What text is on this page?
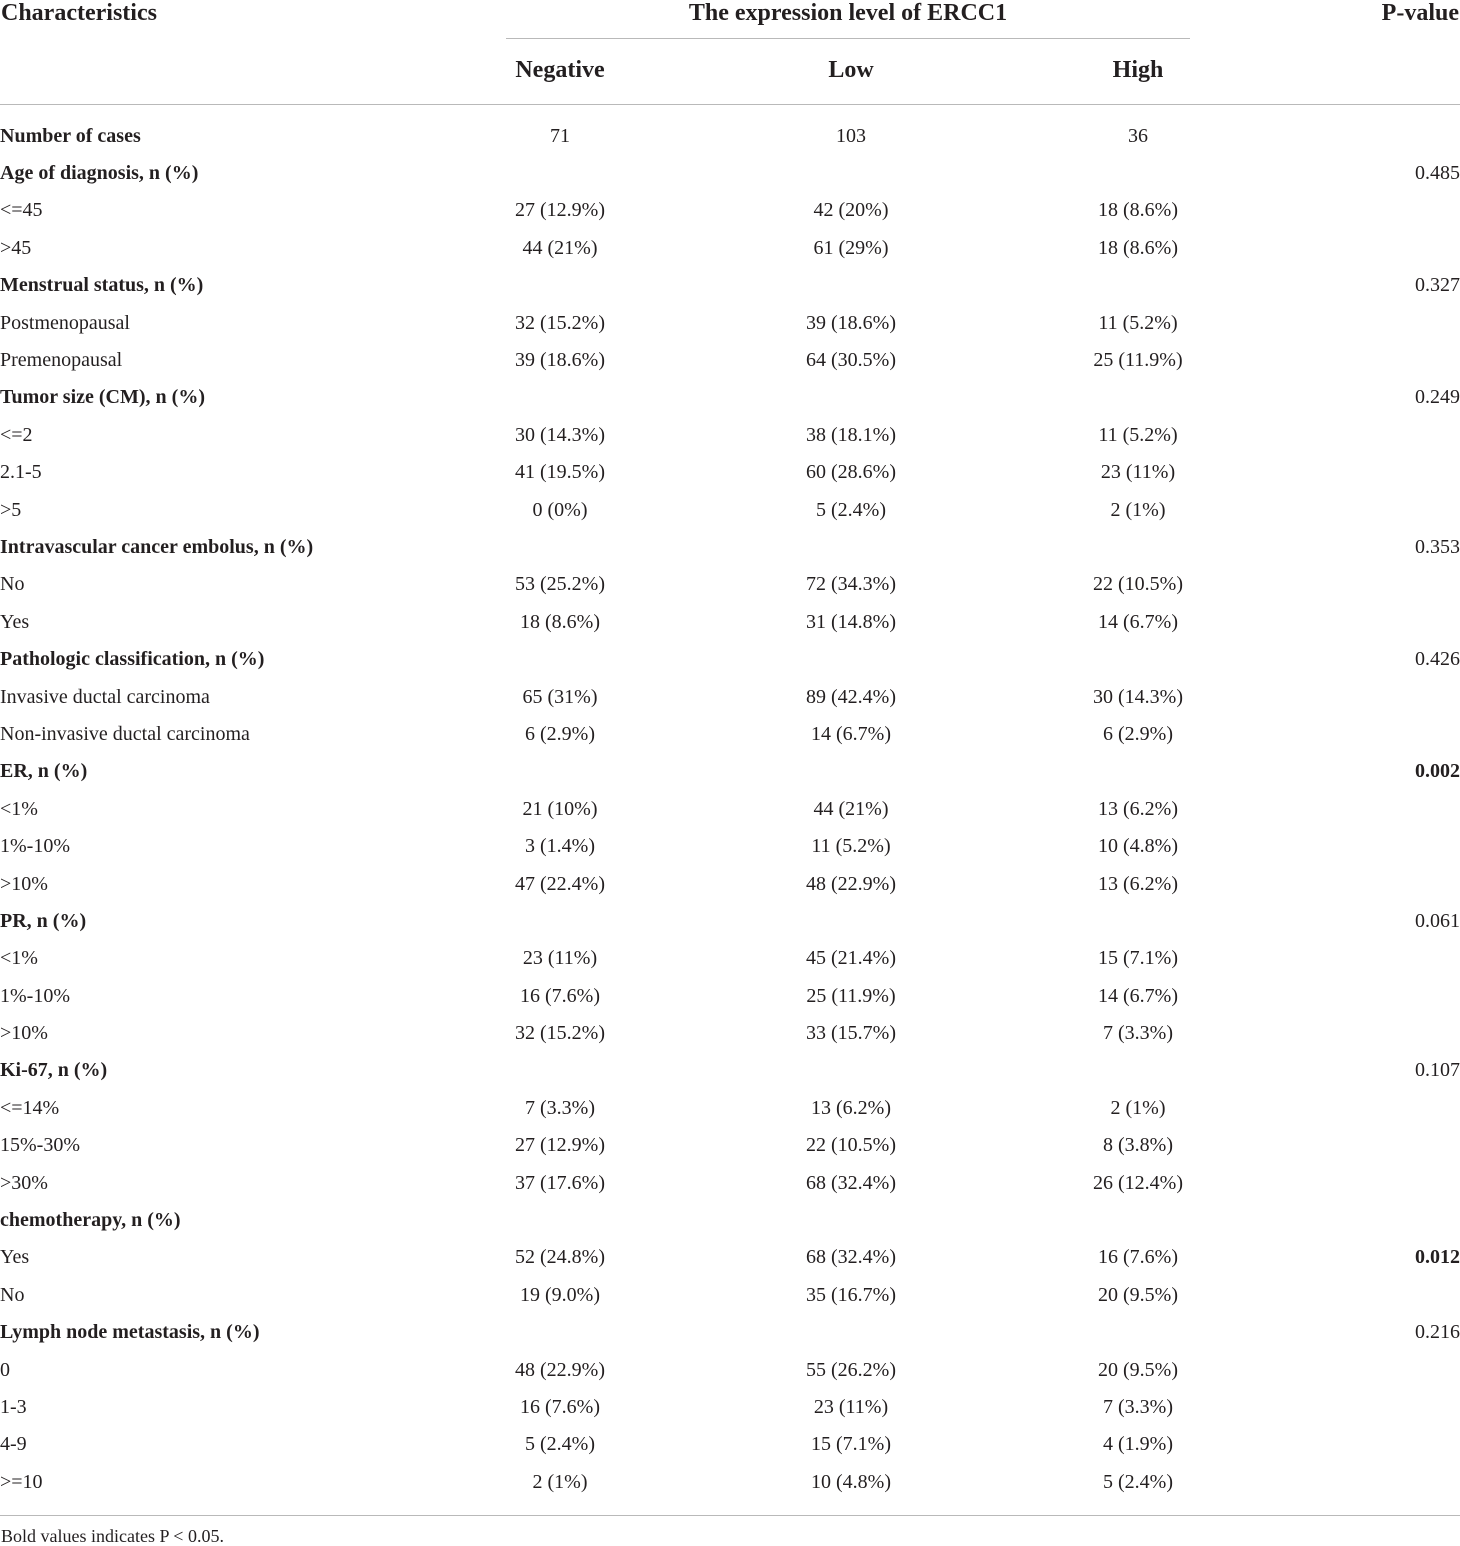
Characteristics	The expression level of ERCC1	P-value
Negative	Low	High
Number of cases	71	103	36	
Age of diagnosis, n (%)				0.485
<=45	27 (12.9%)	42 (20%)	18 (8.6%)	
>45	44 (21%)	61 (29%)	18 (8.6%)	
Menstrual status, n (%)				0.327
Postmenopausal	32 (15.2%)	39 (18.6%)	11 (5.2%)	
Premenopausal	39 (18.6%)	64 (30.5%)	25 (11.9%)	
Tumor size (CM), n (%)				0.249
<=2	30 (14.3%)	38 (18.1%)	11 (5.2%)	
2.1-5	41 (19.5%)	60 (28.6%)	23 (11%)	
>5	0 (0%)	5 (2.4%)	2 (1%)	
Intravascular cancer embolus, n (%)				0.353
No	53 (25.2%)	72 (34.3%)	22 (10.5%)	
Yes	18 (8.6%)	31 (14.8%)	14 (6.7%)	
Pathologic classification, n (%)				0.426
Invasive ductal carcinoma	65 (31%)	89 (42.4%)	30 (14.3%)	
Non-invasive ductal carcinoma	6 (2.9%)	14 (6.7%)	6 (2.9%)	
ER, n (%)				0.002
<1%	21 (10%)	44 (21%)	13 (6.2%)	
1%-10%	3 (1.4%)	11 (5.2%)	10 (4.8%)	
>10%	47 (22.4%)	48 (22.9%)	13 (6.2%)	
PR, n (%)				0.061
<1%	23 (11%)	45 (21.4%)	15 (7.1%)	
1%-10%	16 (7.6%)	25 (11.9%)	14 (6.7%)	
>10%	32 (15.2%)	33 (15.7%)	7 (3.3%)	
Ki-67, n (%)				0.107
<=14%	7 (3.3%)	13 (6.2%)	2 (1%)	
15%-30%	27 (12.9%)	22 (10.5%)	8 (3.8%)	
>30%	37 (17.6%)	68 (32.4%)	26 (12.4%)	
chemotherapy, n (%)				
Yes	52 (24.8%)	68 (32.4%)	16 (7.6%)	0.012
No	19 (9.0%)	35 (16.7%)	20 (9.5%)	
Lymph node metastasis, n (%)				0.216
0	48 (22.9%)	55 (26.2%)	20 (9.5%)	
1-3	16 (7.6%)	23 (11%)	7 (3.3%)	
4-9	5 (2.4%)	15 (7.1%)	4 (1.9%)	
>=10	2 (1%)	10 (4.8%)	5 (2.4%)	
Bold values indicates P < 0.05.
